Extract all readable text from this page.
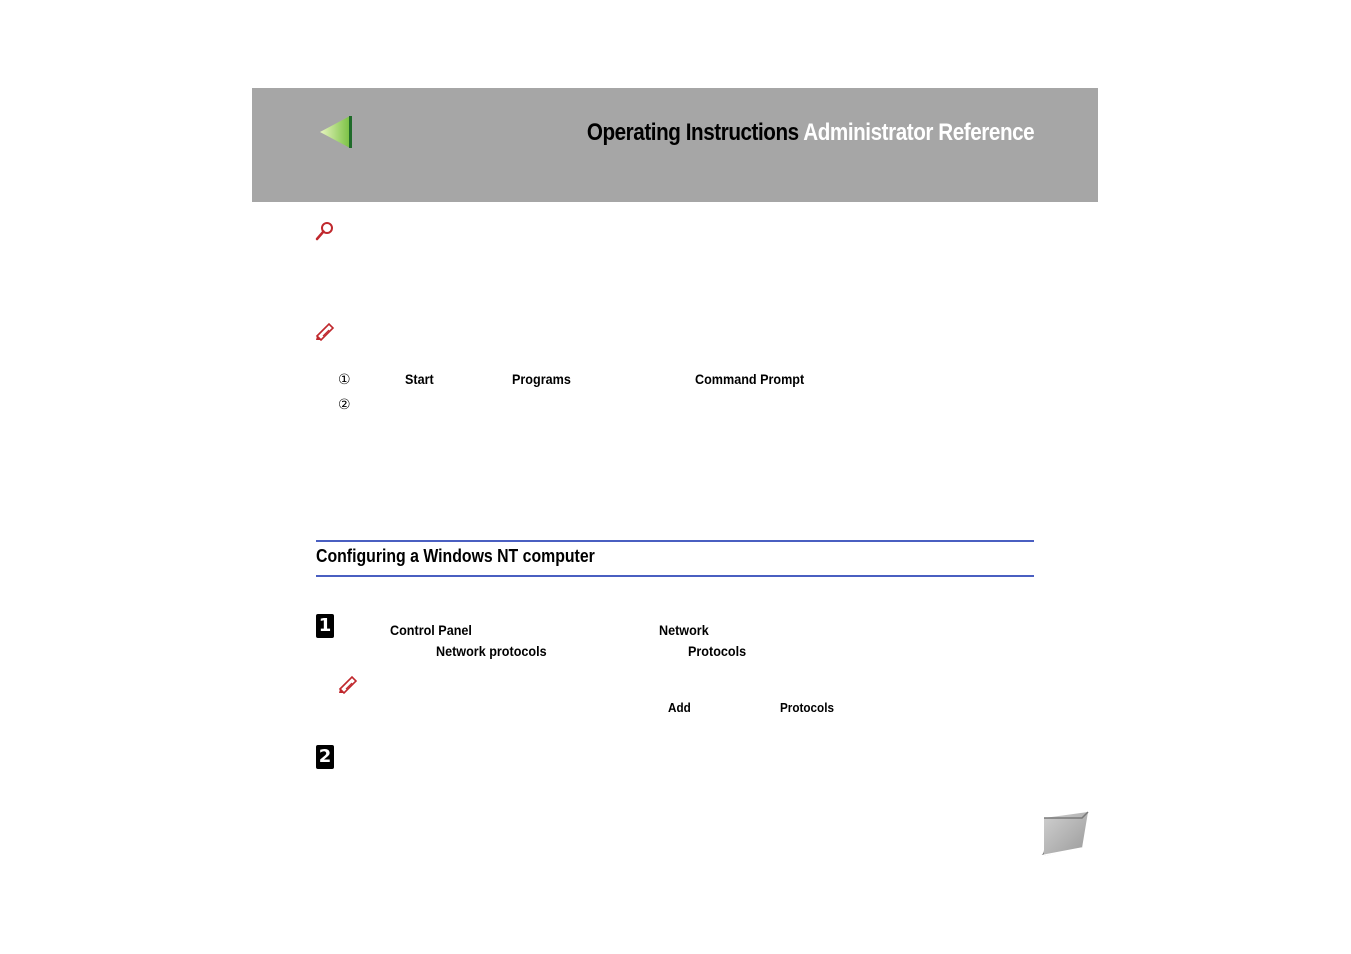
Operating Instructions Administrator Reference
①	Start	Programs	Command Prompt
②
Configuring a Windows NT computer
1	Control Panel	Network
Network protocols	Protocols
Add	Protocols
2
